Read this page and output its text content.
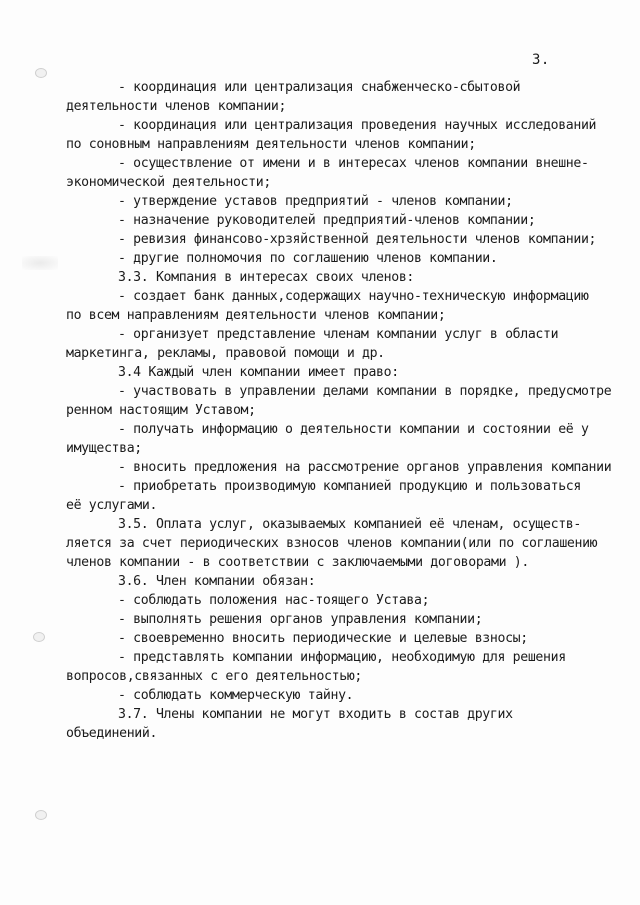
3.
- координация или централизация снабженческо-сбытовой
деятельности членов компании;
- координация или централизация проведения научных исследований
по соновным направлениям деятельности членов компании;
- осуществление от имени и в интересах членов компании внешне-
экономической деятельности;
- утверждение уставов предприятий - членов компании;
- назначение руководителей предприятий-членов компании;
- ревизия финансово-хрзяйственной деятельности членов компании;
- другие полномочия по соглашению членов компании.
3.3. Компания в интересах своих членов:
- создает банк данных,содержащих научно-техническую информацию
по всем направлениям деятельности членов компании;
- организует представление членам компании услуг в области
маркетинга, рекламы, правовой помощи и др.
3.4 Каждый член компании имеет право:
- участвовать в управлении делами компании в порядке, предусмотре
ренном настоящим Уставом;
- получать информацию о деятельности компании и состоянии её у
имущества;
- вносить предложения на рассмотрение органов управления компании
- приобретать производимую компанией продукцию и пользоваться
её услугами.
3.5. Оплата услуг, оказываемых компанией её членам, осуществ-
ляется за счет периодических взносов членов компании(или по соглашению
членов компании - в соответствии с заключаемыми договорами ).
3.6. Член компании обязан:
- соблюдать положения нас-тоящего Устава;
- выполнять решения органов управления компании;
- своевременно вносить периодические и целевые взносы;
- представлять компании информацию, необходимую для решения
вопросов,связанных с его деятельностью;
- соблюдать коммерческую тайну.
3.7. Члены компании не могут входить в состав других
объединений.
